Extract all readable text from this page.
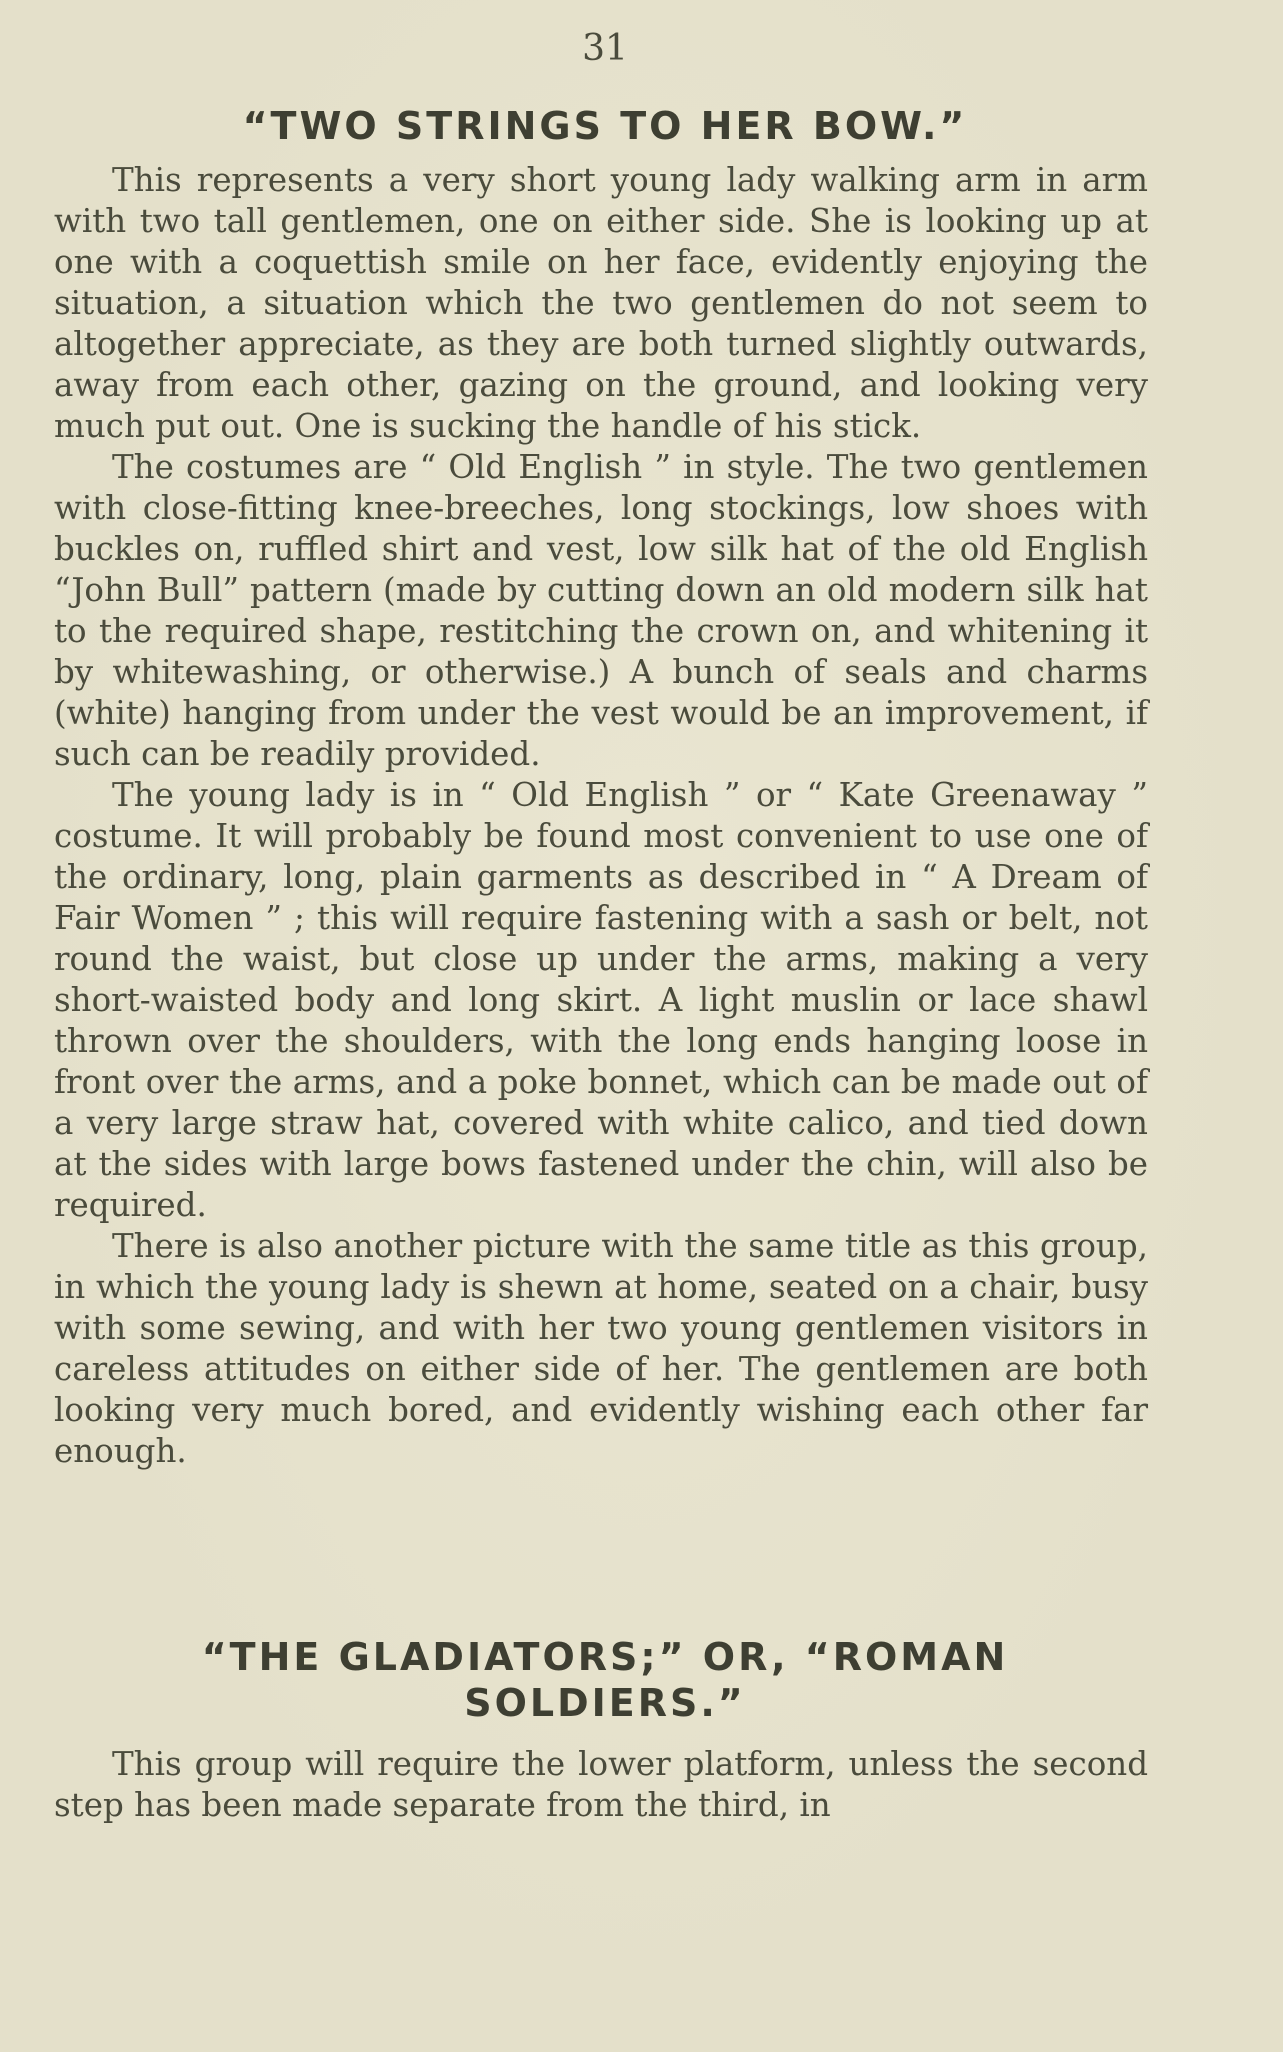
31
“TWO STRINGS TO HER BOW.”

This represents a very short young lady walking arm in arm with two tall gentlemen, one on either side. She is looking up at one with a coquettish smile on her face, evidently enjoying the situation, a situation which the two gentlemen do not seem to altogether appreciate, as they are both turned slightly outwards, away from each other, gazing on the ground, and looking very much put out. One is sucking the handle of his stick.

The costumes are “ Old English ” in style. The two gentlemen with close-fitting knee-breeches, long stockings, low shoes with buckles on, ruffled shirt and vest, low silk hat of the old English “John Bull” pattern (made by cutting down an old modern silk hat to the required shape, restitching the crown on, and whitening it by whitewashing, or otherwise.) A bunch of seals and charms (white) hanging from under the vest would be an improvement, if such can be readily provided.

The young lady is in “ Old English ” or “ Kate Greenaway ” costume. It will probably be found most convenient to use one of the ordinary, long, plain garments as described in “ A Dream of Fair Women ” ; this will require fastening with a sash or belt, not round the waist, but close up under the arms, making a very short-waisted body and long skirt. A light muslin or lace shawl thrown over the shoulders, with the long ends hanging loose in front over the arms, and a poke bonnet, which can be made out of a very large straw hat, covered with white calico, and tied down at the sides with large bows fastened under the chin, will also be required.

There is also another picture with the same title as this group, in which the young lady is shewn at home, seated on a chair, busy with some sewing, and with her two young gentlemen visitors in careless attitudes on either side of her. The gentlemen are both looking very much bored, and evidently wishing each other far enough.

“THE GLADIATORS;” OR, “ROMAN
SOLDIERS.”

This group will require the lower platform, unless the second step has been made separate from the third, in
